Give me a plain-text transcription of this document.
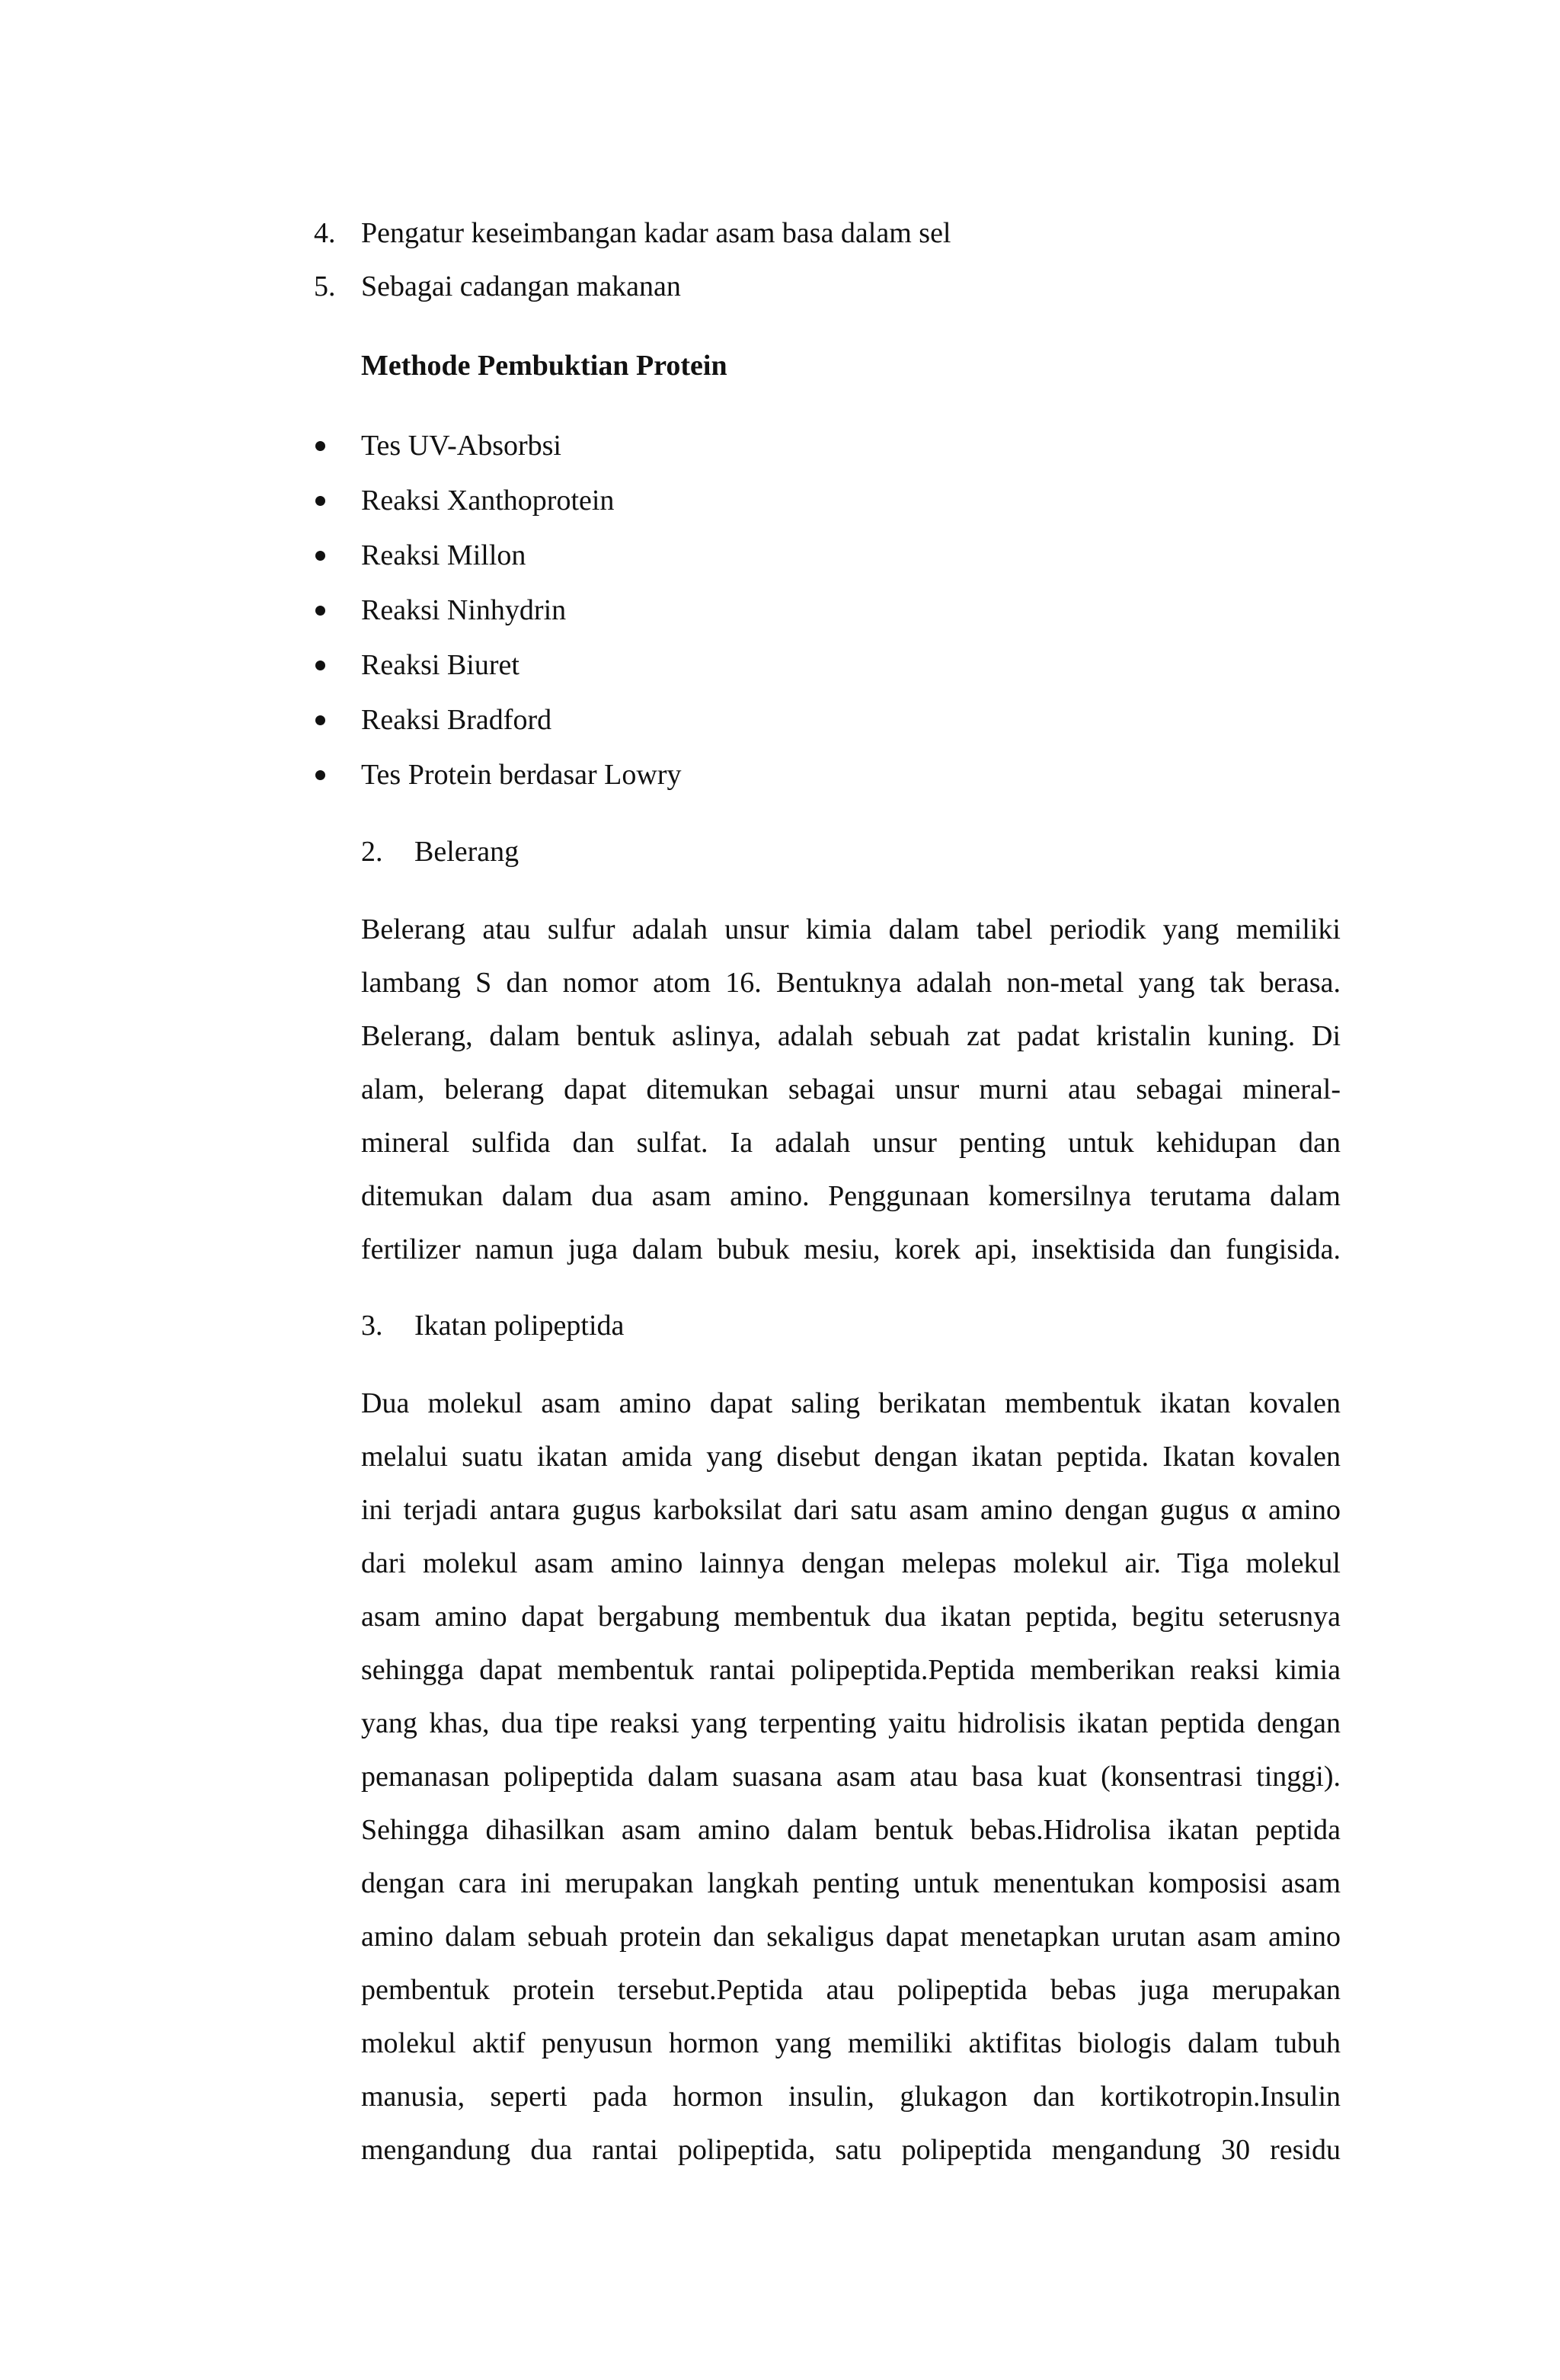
4. Pengatur keseimbangan kadar asam basa dalam sel
5. Sebagai cadangan makanan
Methode Pembuktian Protein
Tes UV-Absorbsi
Reaksi Xanthoprotein
Reaksi Millon
Reaksi Ninhydrin
Reaksi Biuret
Reaksi Bradford
Tes Protein berdasar Lowry
2. Belerang
Belerang atau sulfur adalah unsur kimia dalam tabel periodik yang memiliki
lambang S dan nomor atom 16. Bentuknya adalah non-metal yang tak berasa.
Belerang, dalam bentuk aslinya, adalah sebuah zat padat kristalin kuning. Di
alam, belerang dapat ditemukan sebagai unsur murni atau sebagai mineral-
mineral sulfida dan sulfat. Ia adalah unsur penting untuk kehidupan dan
ditemukan dalam dua asam amino. Penggunaan komersilnya terutama dalam
fertilizer namun juga dalam bubuk mesiu, korek api, insektisida dan fungisida.
3. Ikatan polipeptida
Dua molekul asam amino dapat saling berikatan membentuk ikatan kovalen
melalui suatu ikatan amida yang disebut dengan ikatan peptida. Ikatan kovalen
ini terjadi antara gugus karboksilat dari satu asam amino dengan gugus α amino
dari molekul asam amino lainnya dengan melepas molekul air. Tiga molekul
asam amino dapat bergabung membentuk dua ikatan peptida, begitu seterusnya
sehingga dapat membentuk rantai polipeptida.Peptida memberikan reaksi kimia
yang khas, dua tipe reaksi yang terpenting yaitu hidrolisis ikatan peptida dengan
pemanasan polipeptida dalam suasana asam atau basa kuat (konsentrasi tinggi).
Sehingga dihasilkan asam amino dalam bentuk bebas.Hidrolisa ikatan peptida
dengan cara ini merupakan langkah penting untuk menentukan komposisi asam
amino dalam sebuah protein dan sekaligus dapat menetapkan urutan asam amino
pembentuk protein tersebut.Peptida atau polipeptida bebas juga merupakan
molekul aktif penyusun hormon yang memiliki aktifitas biologis dalam tubuh
manusia, seperti pada hormon insulin, glukagon dan kortikotropin.Insulin
mengandung dua rantai polipeptida, satu polipeptida mengandung 30 residu
